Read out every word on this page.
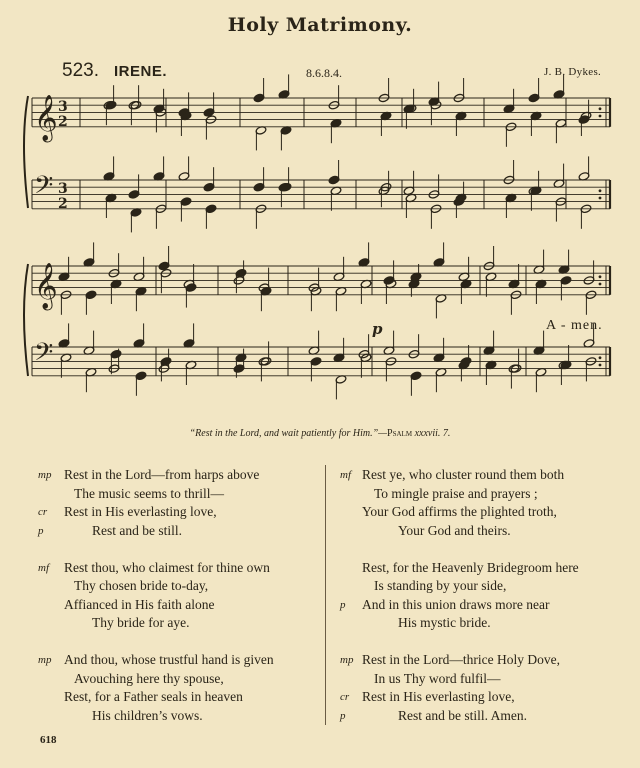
Holy Matrimony.
523. IRENE.	8.6.8.4.	J. B. Dykes.
𝄞 3
2
𝄢 3
2
𝄞
𝄢
p	A - men.
“Rest in the Lord, and wait patiently for Him.”—Psalm xxxvii. 7.
mp Rest in the Lord—from harps above
The music seems to thrill—
cr Rest in His everlasting love,
p	Rest and be still.
mf Rest thou, who claimest for thine own
Thy chosen bride to-day,
Affianced in His faith alone
Thy bride for aye.
mp And thou, whose trustful hand is given
Avouching here thy spouse,
Rest, for a Father seals in heaven
His children’s vows.
mf Rest ye, who cluster round them both
To mingle praise and prayers ;
Your God affirms the plighted troth,
Your God and theirs.
Rest, for the Heavenly Bridegroom here
Is standing by your side,
p And in this union draws more near
His mystic bride.
mp Rest in the Lord—thrice Holy Dove,
In us Thy word fulfil—
cr Rest in His everlasting love,
p	Rest and be still. Amen.
618
